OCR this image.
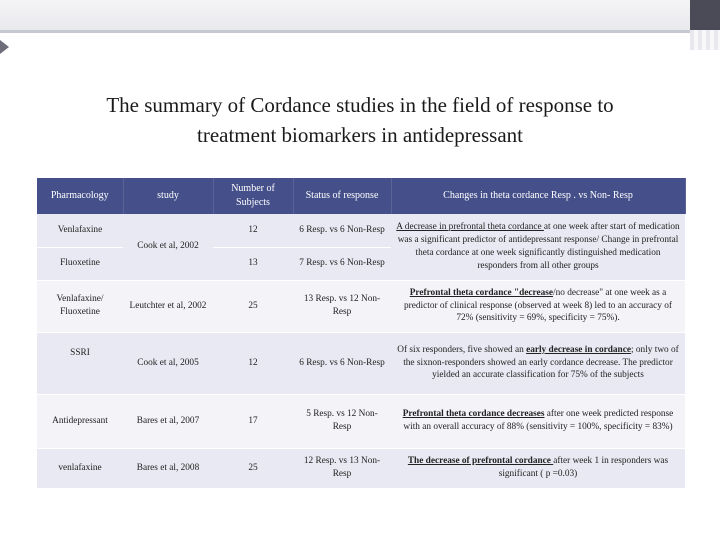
The summary of Cordance studies in the field of response to
treatment biomarkers in antidepressant
Pharmacology	study	Number of Subjects	Status of response	Changes in theta cordance Resp . vs Non- Resp
Venlafaxine	Cook et al, 2002	12	6 Resp. vs 6 Non-Resp	A decrease in prefrontal theta cordance at one week after start of medication was a significant predictor of antidepressant response/ Change in prefrontal theta cordance at one week significantly distinguished medication responders from all other groups
Fluoxetine		13	7 Resp. vs 6 Non-Resp	
Venlafaxine/ Fluoxetine	Leutchter et al, 2002	25	13 Resp. vs 12 Non-Resp	Prefrontal theta cordance "decrease/no decrease" at one week as a predictor of clinical response (observed at week 8) led to an accuracy of 72% (sensitivity = 69%, specificity = 75%).
SSRI	Cook et al, 2005	12	6 Resp. vs 6 Non-Resp	Of six responders, five showed an early decrease in cordance; only two of the sixnon-responders showed an early cordance decrease. The predictor yielded an accurate classification for 75% of the subjects
Antidepressant	Bares et al, 2007	17	5 Resp. vs 12 Non-Resp	Prefrontal theta cordance decreases after one week predicted response with an overall accuracy of 88% (sensitivity = 100%, specificity = 83%)
venlafaxine	Bares et al, 2008	25	12 Resp. vs 13 Non-Resp	The decrease of prefrontal cordance after week 1 in responders was significant ( p =0.03)
